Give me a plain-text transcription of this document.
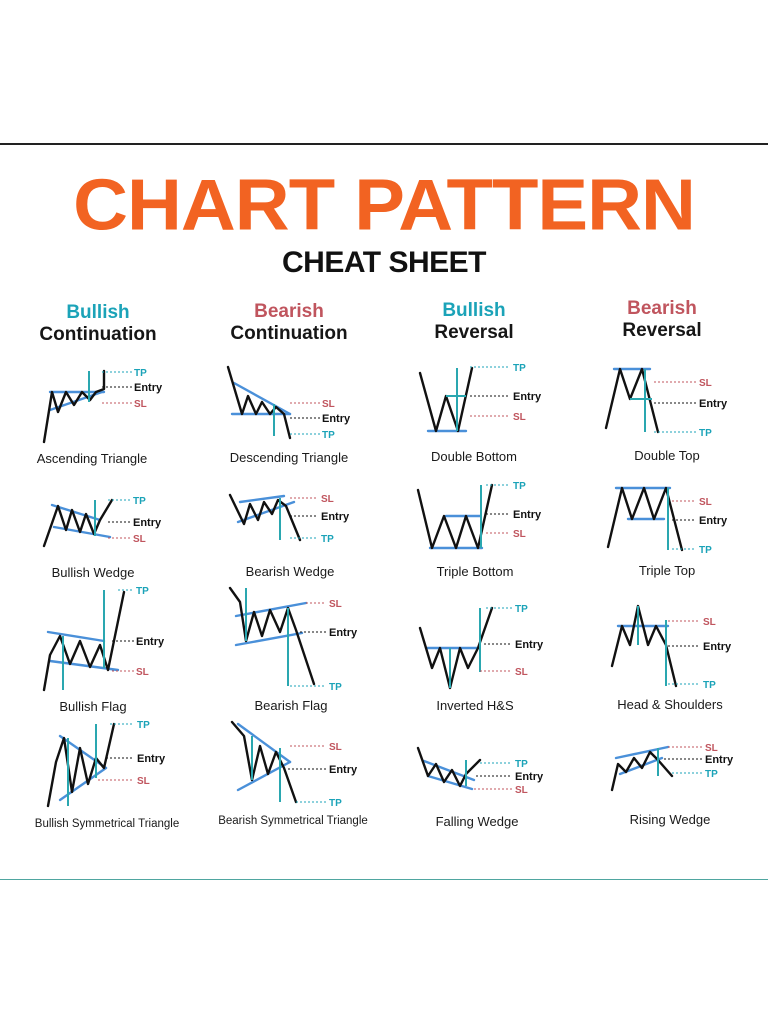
CHART PATTERN
CHEAT SHEET
Bullish
Continuation
Bearish
Continuation
Bullish
Reversal
Bearish
Reversal
TP
Entry
SL	SL
Entry
TP
TP
Entry
SL
SL
Entry
TP
TP
Entry
SL
SL
Entry
TP
TP
Entry
SL
SL
Entry
TP
TP
Entry
SL
SL
Entry
TP
TP
Entry
SL
SL
Entry
TP
TP
Entry
SL
SL
Entry
TP
TP
Entry
SL
SL
Entry
TP
Ascending Triangle	Descending Triangle	Double Bottom	Double Top
Bullish Wedge	Bearish Wedge	Triple Bottom	Triple Top
Bullish Flag	Bearish Flag	Inverted H&S	Head & Shoulders
Bullish Symmetrical Triangle	Bearish Symmetrical Triangle	Falling Wedge	Rising Wedge
